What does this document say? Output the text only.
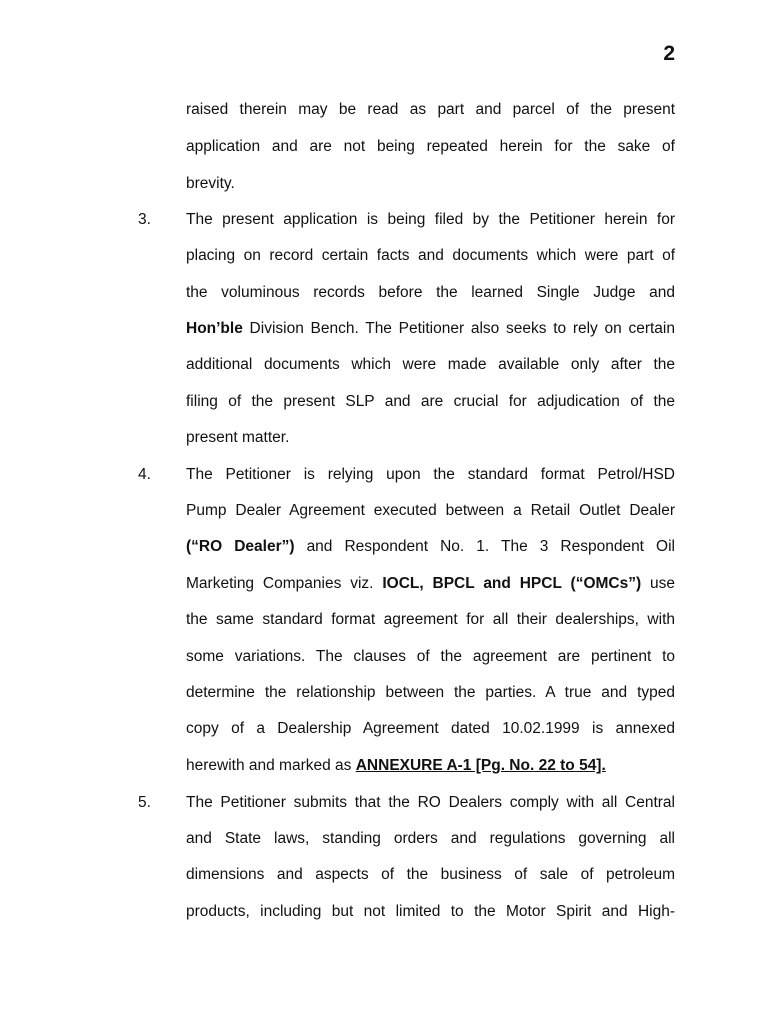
2
raised therein may be read as part and parcel of the present
application and are not being repeated herein for the sake of
brevity.
3. The present application is being filed by the Petitioner herein for
placing on record certain facts and documents which were part of
the voluminous records before the learned Single Judge and
Hon’ble Division Bench. The Petitioner also seeks to rely on certain
additional documents which were made available only after the
filing of the present SLP and are crucial for adjudication of the
present matter.
4. The Petitioner is relying upon the standard format Petrol/HSD
Pump Dealer Agreement executed between a Retail Outlet Dealer
(“RO Dealer”) and Respondent No. 1. The 3 Respondent Oil
Marketing Companies viz. IOCL, BPCL and HPCL (“OMCs”) use
the same standard format agreement for all their dealerships, with
some variations. The clauses of the agreement are pertinent to
determine the relationship between the parties. A true and typed
copy of a Dealership Agreement dated 10.02.1999 is annexed
herewith and marked as ANNEXURE A-1 [Pg. No. 22 to 54].
5. The Petitioner submits that the RO Dealers comply with all Central
and State laws, standing orders and regulations governing all
dimensions and aspects of the business of sale of petroleum
products, including but not limited to the Motor Spirit and High-
